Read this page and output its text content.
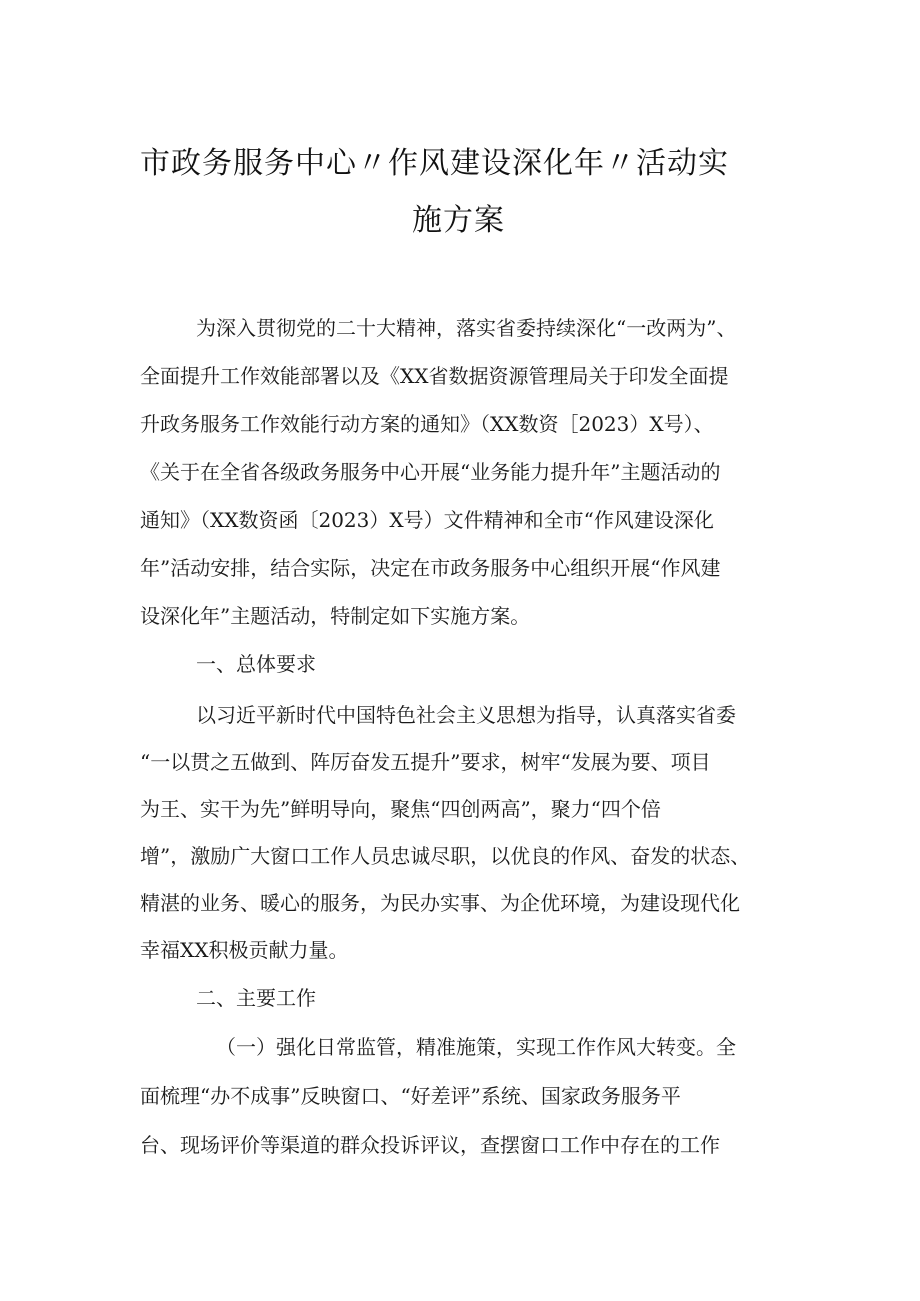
市政务服务中心〃作风建设深化年〃活动实
施方案
为深入贯彻党的二十大精神，落实省委持续深化“一改两为”、
全面提升工作效能部署以及《XX省数据资源管理局关于印发全面提
升政务服务工作效能行动方案的通知》（XX数资［2023）X号）、
《关于在全省各级政务服务中心开展“业务能力提升年”主题活动的
通知》（XX数资函〔2023）X号）文件精神和全市“作风建设深化
年”活动安排，结合实际，决定在市政务服务中心组织开展“作风建
设深化年”主题活动，特制定如下实施方案。
一、总体要求
以习近平新时代中国特色社会主义思想为指导，认真落实省委
“一以贯之五做到、阵厉奋发五提升”要求，树牢“发展为要、项目
为王、实干为先”鲜明导向，聚焦“四创两高”，聚力“四个倍
增”，激励广大窗口工作人员忠诚尽职，以优良的作风、奋发的状态、
精湛的业务、暖心的服务，为民办实事、为企优环境，为建设现代化
幸福XX积极贡献力量。
二、主要工作
（一）强化日常监管，精准施策，实现工作作风大转变。全
面梳理“办不成事”反映窗口、“好差评”系统、国家政务服务平
台、现场评价等渠道的群众投诉评议，查摆窗口工作中存在的工作
